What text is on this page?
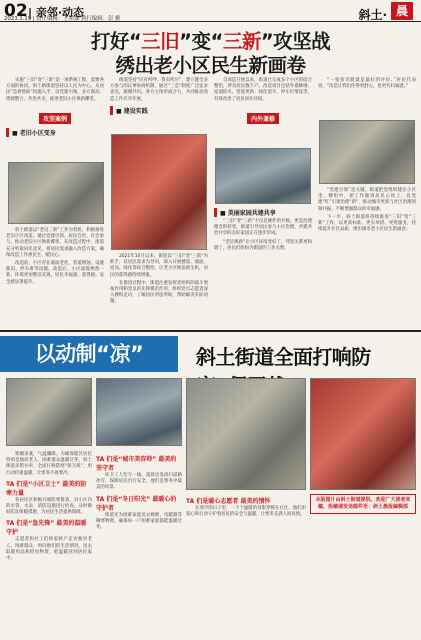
02 | 亲邻·动态
2023.1.19 | 责任编辑：王墨嘉 执行编辑：彭 雅	斜土· 晨
打好“三旧”变“三新”攻坚战
绣出老小区民生新画卷

实施“三旧”变“三新”是一项系统工程，需要各方面的协同。斜土路街道坚持以人民为中心，从居民“急难愁盼”问题入手，以党建引领、多方联动、资源整合、共治共享，推进老旧小区焕新蝶变。

攻坚案例
■ 老旧小区变身

斜土街道以“老房三新”工作为契机，积极推进老旧小区改造。通过党建引领、居民自治、社会参与，推动老旧小区焕新蝶变。在改造过程中，街道充分听取居民意见，将居民需求融入改造方案，确保改造工作惠民生、暖民心。

改造前，小区存在墙面老化、管道锈蚀、设施陈旧、停车难等问题。改造后，小区面貌焕然一新，环境更加整洁美观，居民幸福感、获得感、安全感显著提升。

街道坚持“民有所呼、我有所应”，建立健全多方参与的议事协商机制，通过“三会”制度广泛征求意见，凝聚共识。各方主体形成合力，共同推动改造工作有序开展。

■ 建设实践

2021年10月以来，街道以“三旧”变“三新”为抓手，以居民需求为导向，深入开展楼道、墙面、屋顶、绿化等综合整治，让老小区焕发新生机，居民的获得感持续增强。

在推进过程中，街道注重发挥党组织的战斗堡垒作用和党员的先锋模范作用，组织党员志愿者深入楼组走访，了解居民所思所盼，帮助解决实际问题。

自改造开展以来，街道已完成多个小区的综合整治，涉及居民数千户。改造项目包括外墙修缮、屋面防水、管道更新、绿化提升、停车位增设等，有效改善了居民居住环境。

内外兼修
■ 美丽家园共建共享

“三旧”变“三新”不仅是硬件的升级，更是治理理念的转变。街道引导居民参与小区治理，共建共治共享的美好家园正在逐步形成。

“老房焕新”让小区环境变好了，邻里关系更和谐了，居民们纷纷为街道的工作点赞。

“一张张笑脸就是最好的评价。”居民代表说，“改造让我们住得更舒心，也更有归属感。”

“党建引领”是关键。街道把党组织建在小区里、楼组中，把工作做到居民心坎上，以党建“红”引领治理“新”，推动城市更新与社区治理同频共振，不断增强群众的幸福感。

下一步，斜土街道将持续推进“三旧”变“三新”工作，以更高标准、更实举措、更优服务，持续提升社区品质，绣出城市老小区民生新画卷。

以动制“凉”	斜土街道全面打响防

寒潮来袭，气温骤降。为确保辖区居民特别是独居老人、困难群众温暖过冬，斜土街道多措并举，全面打响防寒“保卫战”，用行动传递温暖，让寒冬不再寒冷。

TA 们是“小区卫士” 最美的防寒力量

各居民区积极开展防寒排查，对小区内的水管、水表、消防设施进行检查，及时做好防冻保暖措施，为居民生活提供保障。

TA 们是“急先锋” 最美的温暖守护

志愿者和社工们挨家挨户走访独居老人、困难群众，询问他们的生活情况，送去取暖用品和慰问物资，把温暖送到居民家中。

TA 们是“城市美容师” 最美的坚守者

环卫工人坚守一线，凌晨出发清扫道路冰雪，保障居民出行安全，他们是寒冬中最美的风景。

TA 们是“冬日阳光” 最暖心的守护者

街道还为困难家庭送去棉被、电暖器等御寒物资，确保每一户困难家庭都能温暖过冬。

TA 们是暖心志愿者 最美的情怀

在寒冷的日子里，一个个温暖的身影穿梭在社区，他们用爱心和行动守护着居民的安全与温暖，让寒冬充满人间真情。

本版图片由斜土街道提供。欢迎广大读者来稿，投稿请发送邮件至：斜土晨报编辑部
